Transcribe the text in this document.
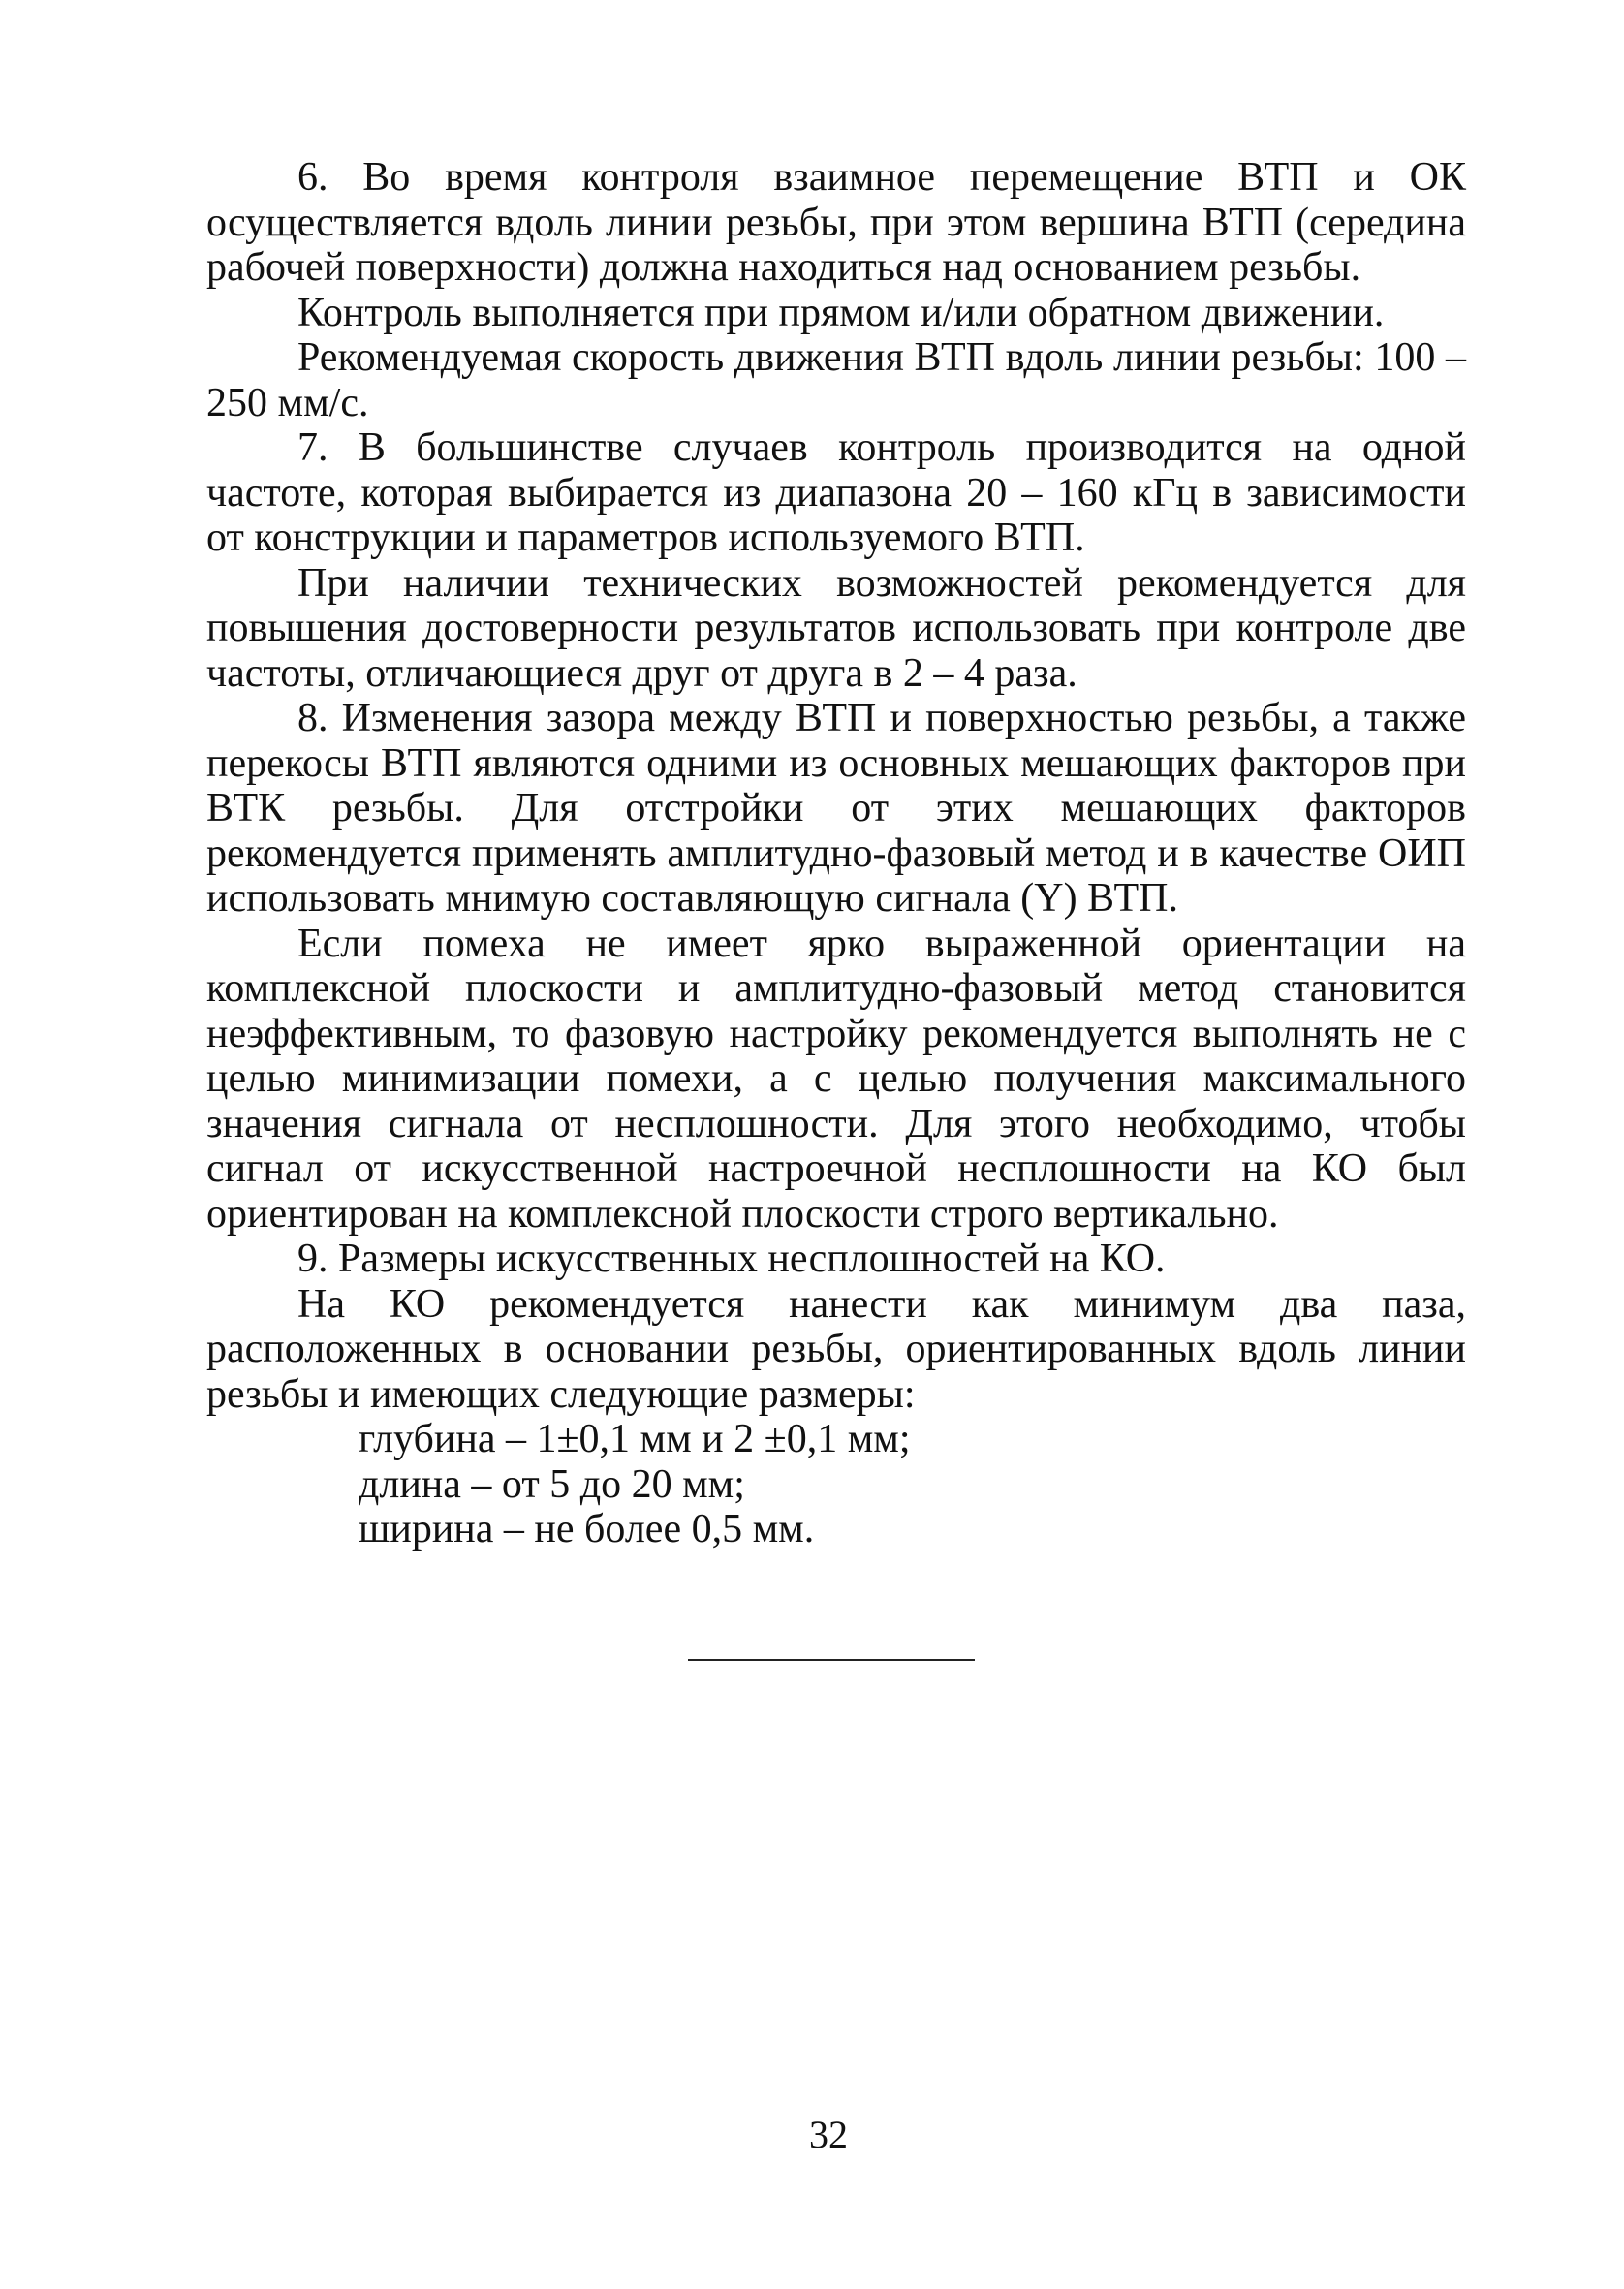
6. Во время контроля взаимное перемещение ВТП и ОК осуществляется вдоль линии резьбы, при этом вершина ВТП (середина рабочей поверхности) должна находиться над основанием резьбы.

Контроль выполняется при прямом и/или обратном движении.

Рекомендуемая скорость движения ВТП вдоль линии резьбы: 100 – 250 мм/с.

7. В большинстве случаев контроль производится на одной частоте, которая выбирается из диапазона 20 – 160 кГц в зависимости от конструкции и параметров используемого ВТП.

При наличии технических возможностей рекомендуется для повышения достоверности результатов использовать при контроле две частоты, отличающиеся друг от друга в 2 – 4 раза.

8. Изменения зазора между ВТП и поверхностью резьбы, а также перекосы ВТП являются одними из основных мешающих факторов при ВТК резьбы. Для отстройки от этих мешающих факторов рекомендуется применять амплитудно-фазовый метод и в качестве ОИП использовать мнимую составляющую сигнала (Y) ВТП.

Если помеха не имеет ярко выраженной ориентации на комплексной плоскости и амплитудно-фазовый метод становится неэффективным, то фазовую настройку рекомендуется выполнять не с целью минимизации помехи, а с целью получения максимального значения сигнала от несплошности. Для этого необходимо, чтобы сигнал от искусственной настроечной несплошности на КО был ориентирован на комплексной плоскости строго вертикально.

9. Размеры искусственных несплошностей на КО.

На КО рекомендуется нанести как минимум два паза, расположенных в основании резьбы, ориентированных вдоль линии резьбы и имеющих следующие размеры:

глубина – 1±0,1 мм и 2 ±0,1 мм;

длина – от 5 до 20 мм;

ширина – не более 0,5 мм.

32
